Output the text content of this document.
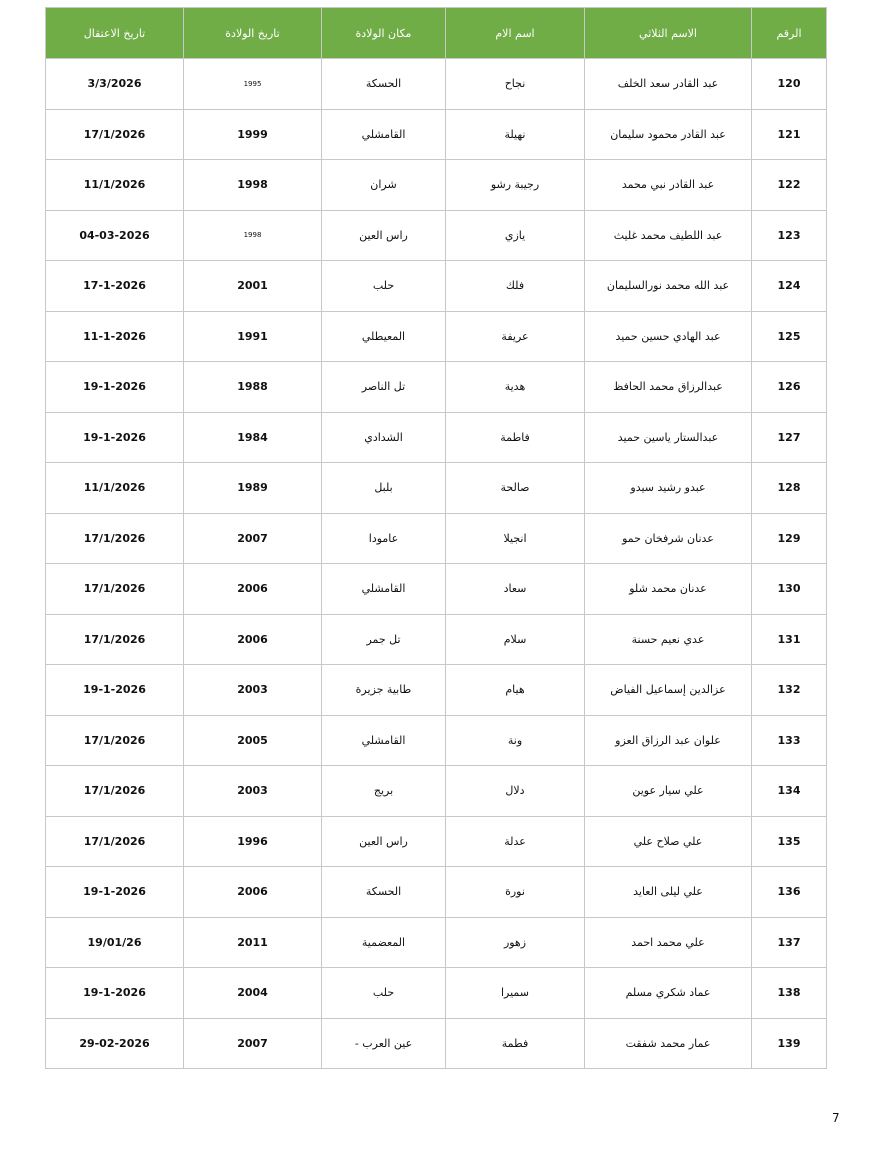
الرقم	الاسم الثلاثي	اسم الام	مكان الولادة	تاريخ الولادة	تاريخ الاعتقال
120	عبد القادر سعد الخلف	نجاح	الحسكة	1995	3/3/2026
121	عبد القادر محمود سليمان	نهيلة	القامشلي	1999	17/1/2026
122	عبد القادر نبي محمد	رجيبة رشو	شران	1998	11/1/2026
123	عبد اللطيف محمد غليث	يازي	راس العين	1998	04-03-2026
124	عبد الله محمد نورالسليمان	فلك	حلب	2001	17-1-2026
125	عبد الهادي حسين حميد	عريفة	المعيطلي	1991	11-1-2026
126	عبدالرزاق محمد الحافظ	هدية	تل الناصر	1988	19-1-2026
127	عبدالستار ياسين حميد	فاطمة	الشدادي	1984	19-1-2026
128	عبدو رشيد سيدو	صالحة	بلبل	1989	11/1/2026
129	عدنان شرفخان حمو	انجيلا	عامودا	2007	17/1/2026
130	عدنان محمد شلو	سعاد	القامشلي	2006	17/1/2026
131	عدي نعيم حسنة	سلام	تل جمر	2006	17/1/2026
132	عزالدين إسماعيل الفياض	هيام	طابية جزيرة	2003	19-1-2026
133	علوان عبد الرزاق العزو	ونة	القامشلي	2005	17/1/2026
134	علي سيار عوين	دلال	بريج	2003	17/1/2026
135	علي صلاح علي	عدلة	راس العين	1996	17/1/2026
136	علي ليلى العايد	نورة	الحسكة	2006	19-1-2026
137	علي محمد احمد	زهور	المعضمية	2011	19/01/26
138	عماد شكري مسلم	سميرا	حلب	2004	19-1-2026
139	عمار محمد شفقت	فطمة	عين العرب -	2007	29-02-2026
7
